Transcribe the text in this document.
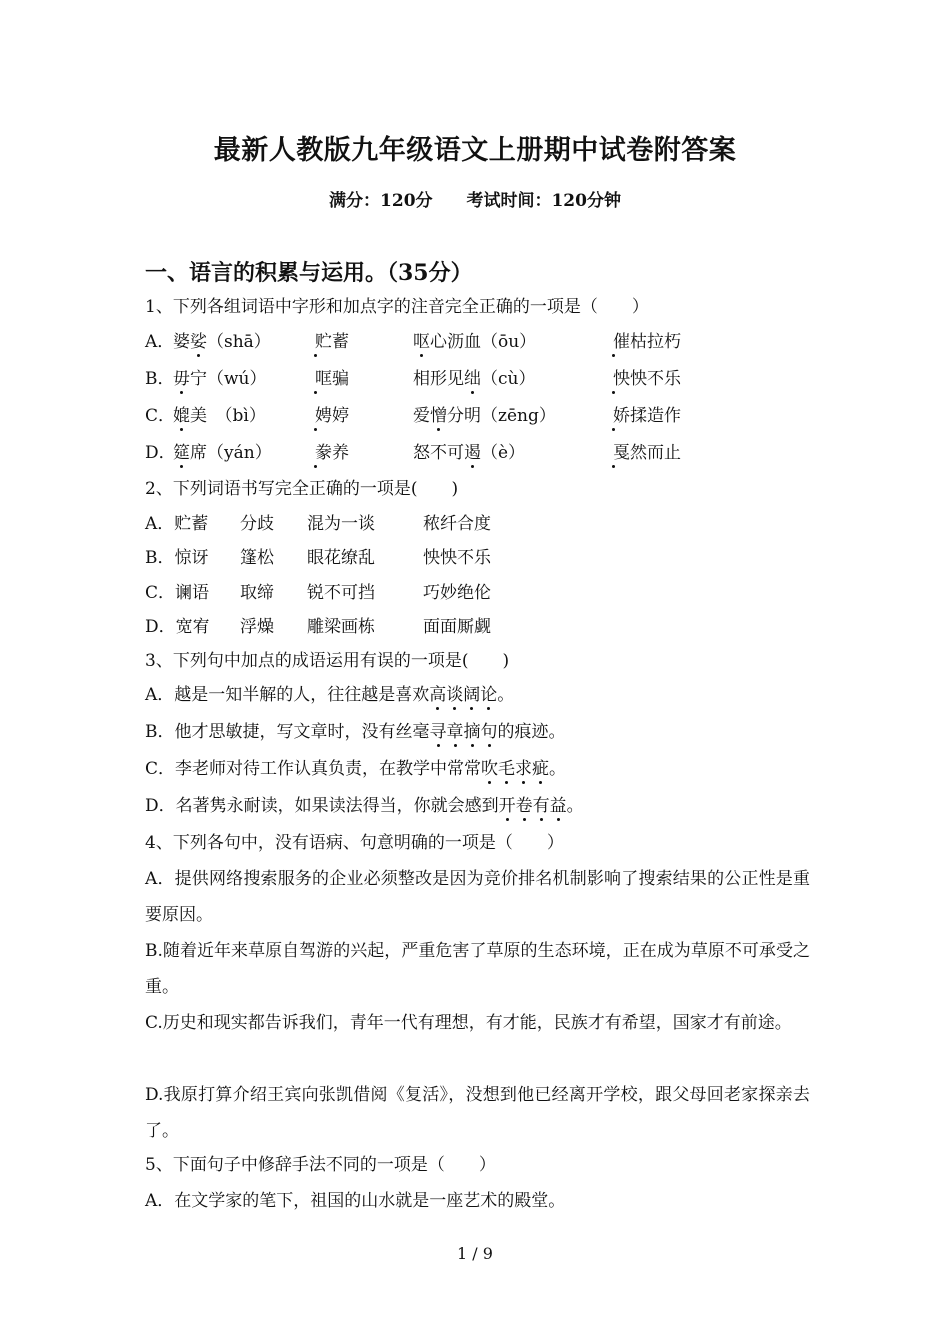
最新人教版九年级语文上册期中试卷附答案
满分：120分 考试时间：120分钟
一、语言的积累与运用。（35分）
1、下列各组词语中字形和加点字的注音完全正确的一项是（　　）
A．
婆娑（shā）	贮蓄	呕心沥血（ōu）	催枯拉朽
B．
毋宁（wú）	哐骗	相形见绌（cù）	怏怏不乐
C．
媲美　（bì）	娉婷	爱憎分明（zēng）	娇揉造作
D．
筵席（yán）	豢养	怒不可遏（è）	戛然而止
2、下列词语书写完全正确的一项是(　　)
A．贮蓄 分歧 混为一谈	秾纤合度
B．惊讶 篷松 眼花缭乱	怏怏不乐
C．谰语 取缔 锐不可挡	巧妙绝伦
D．宽宥 浮燥 雕梁画栋	面面厮觑
3、下列句中加点的成语运用有误的一项是(　　)
A．越是一知半解的人，往往越是喜欢高谈阔论。
B．他才思敏捷，写文章时，没有丝毫寻章摘句的痕迹。
C．李老师对待工作认真负责，在教学中常常吹毛求疵。
D．名著隽永耐读，如果读法得当，你就会感到开卷有益。
4、下列各句中，没有语病、句意明确的一项是（　　）
A．提供网络搜索服务的企业必须整改是因为竞价排名机制影响了搜索结果的公正性是重要原因。
B.随着近年来草原自驾游的兴起，严重危害了草原的生态环境，正在成为草原不可承受之重。
C.历史和现实都告诉我们，青年一代有理想，有才能，民族才有希望，国家才有前途。
D.我原打算介绍王宾向张凯借阅《复活》，没想到他已经离开学校，跟父母回老家探亲去了。
5、下面句子中修辞手法不同的一项是（　　）
A．在文学家的笔下，祖国的山水就是一座艺术的殿堂。
1 / 9
